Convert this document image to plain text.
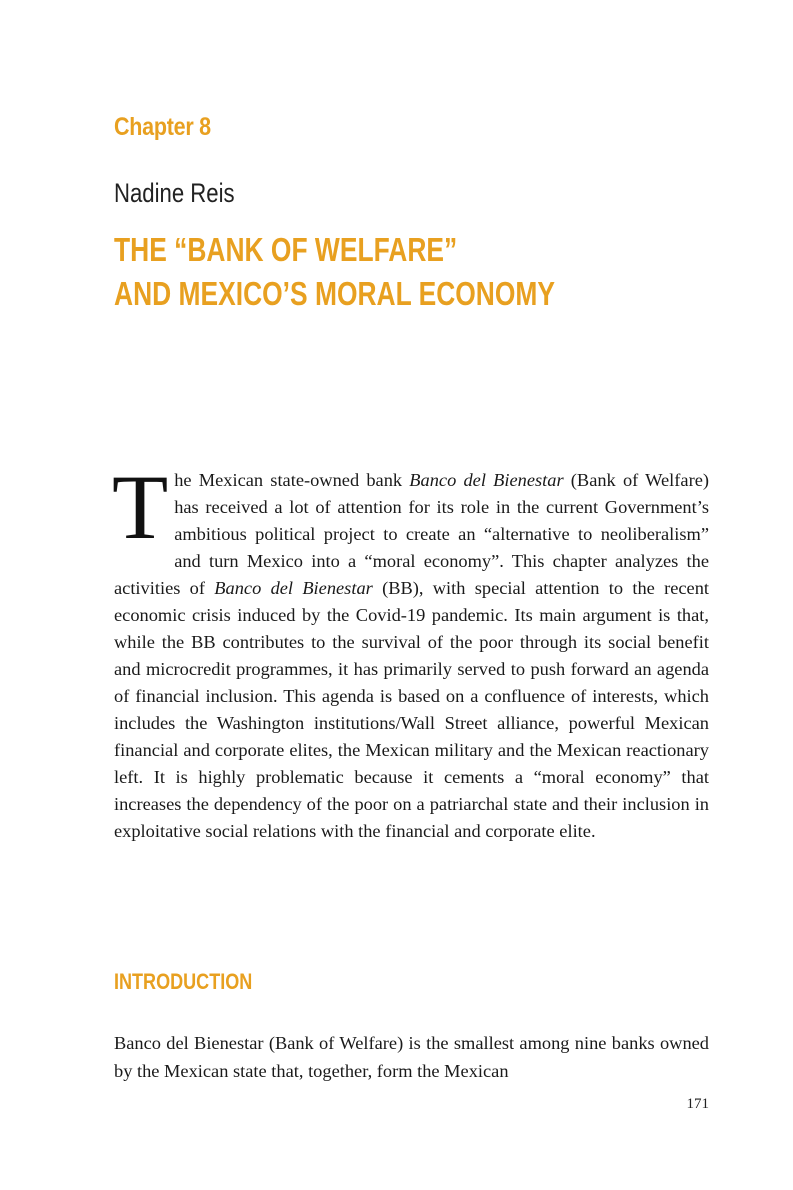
Chapter 8
Nadine Reis
THE “BANK OF WELFARE”
AND MEXICO’S MORAL ECONOMY
The Mexican state-owned bank Banco del Bienestar (Bank of Welfare) has received a lot of attention for its role in the current Government’s ambitious political project to create an “alternative to neoliberalism” and turn Mexico into a “moral economy”. This chapter analyzes the activities of Banco del Bienestar (BB), with special attention to the recent economic crisis induced by the Covid-19 pandemic. Its main argument is that, while the BB contributes to the survival of the poor through its social benefit and microcredit programmes, it has primarily served to push forward an agenda of financial inclusion. This agenda is based on a confluence of interests, which includes the Washington institutions/Wall Street alliance, powerful Mexican financial and corporate elites, the Mexican military and the Mexican reactionary left. It is highly problematic because it cements a “moral economy” that increases the dependency of the poor on a patriarchal state and their inclusion in exploitative social relations with the financial and corporate elite.
INTRODUCTION
Banco del Bienestar (Bank of Welfare) is the smallest among nine banks owned by the Mexican state that, together, form the Mexican
171
